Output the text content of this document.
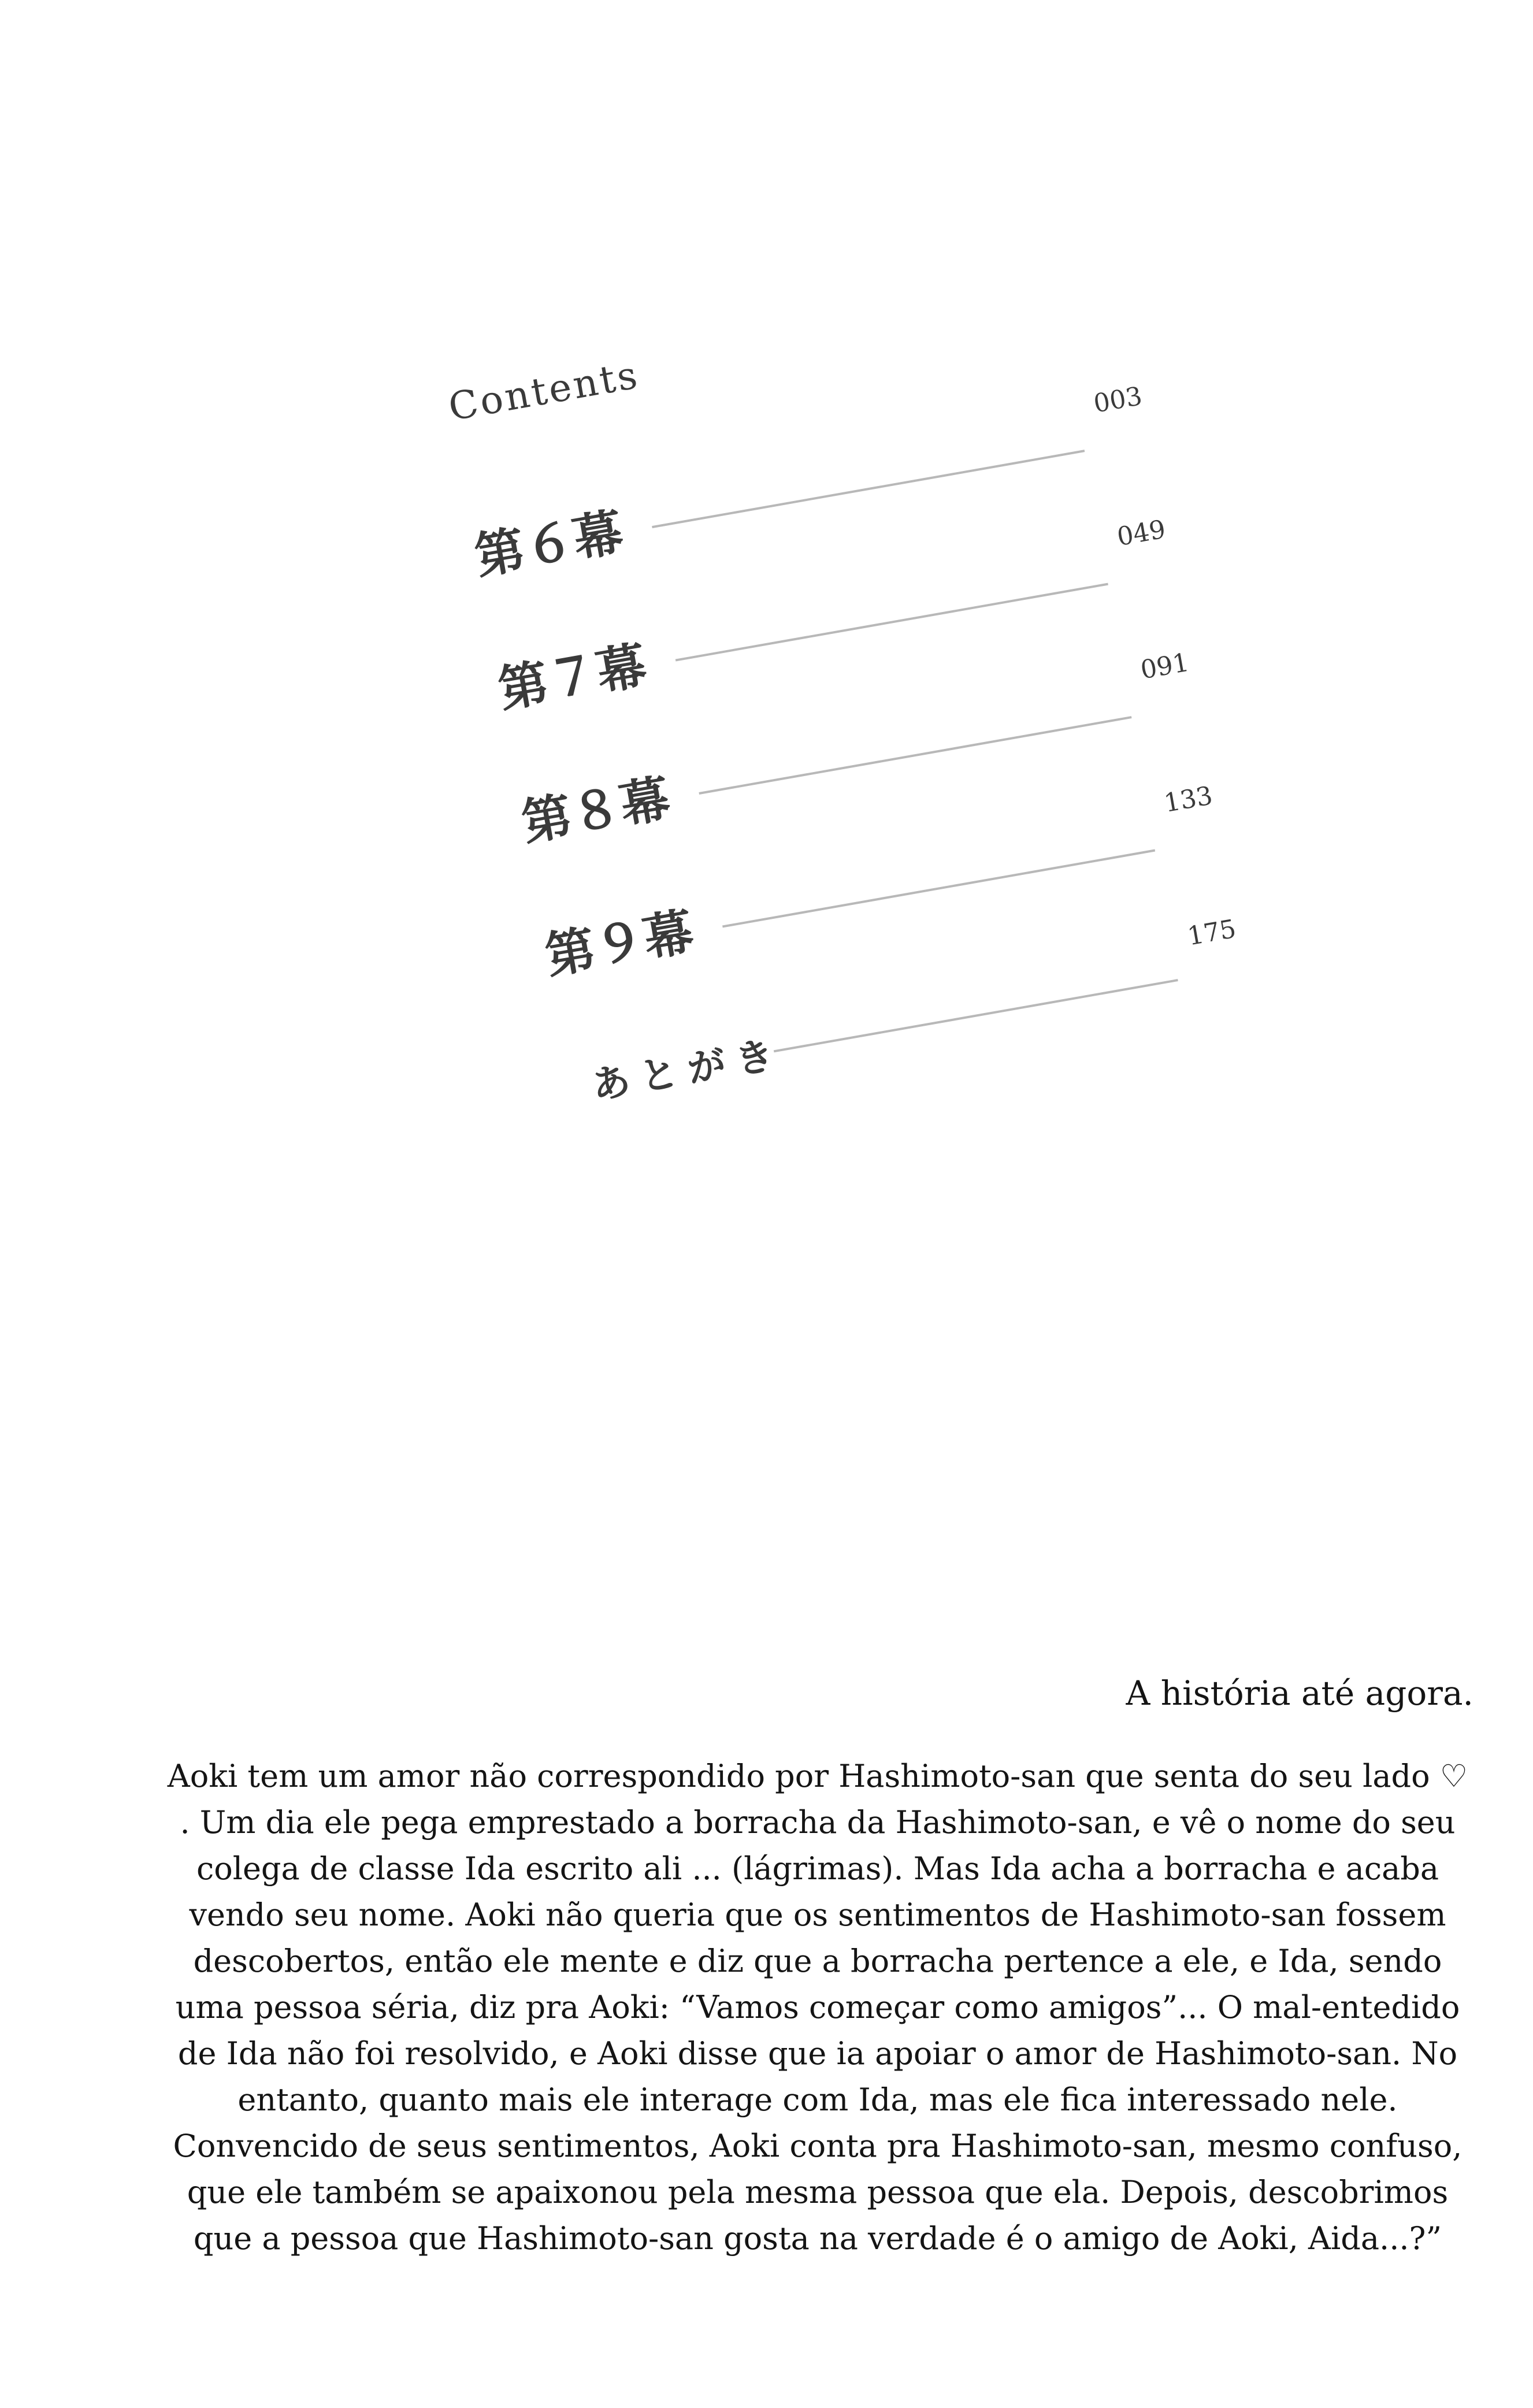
Contents
第６幕
003
第７幕
049
第８幕
091
第９幕
133
あとがき
175
A história até agora.

Aoki tem um amor não correspondido por Hashimoto-san que senta do seu lado ♡ . Um dia ele pega emprestado a borracha da Hashimoto-san, e vê o nome do seu colega de classe Ida escrito ali ... (lágrimas). Mas Ida acha a borracha e acaba vendo seu nome. Aoki não queria que os sentimentos de Hashimoto-san fossem descobertos, então ele mente e diz que a borracha pertence a ele, e Ida, sendo uma pessoa séria, diz pra Aoki: “Vamos começar como amigos”... O mal-entedido de Ida não foi resolvido, e Aoki disse que ia apoiar o amor de Hashimoto-san. No entanto, quanto mais ele interage com Ida, mas ele fica interessado nele. Convencido de seus sentimentos, Aoki conta pra Hashimoto-san, mesmo confuso, que ele também se apaixonou pela mesma pessoa que ela. Depois, descobrimos que a pessoa que Hashimoto-san gosta na verdade é o amigo de Aoki, Aida...?”
